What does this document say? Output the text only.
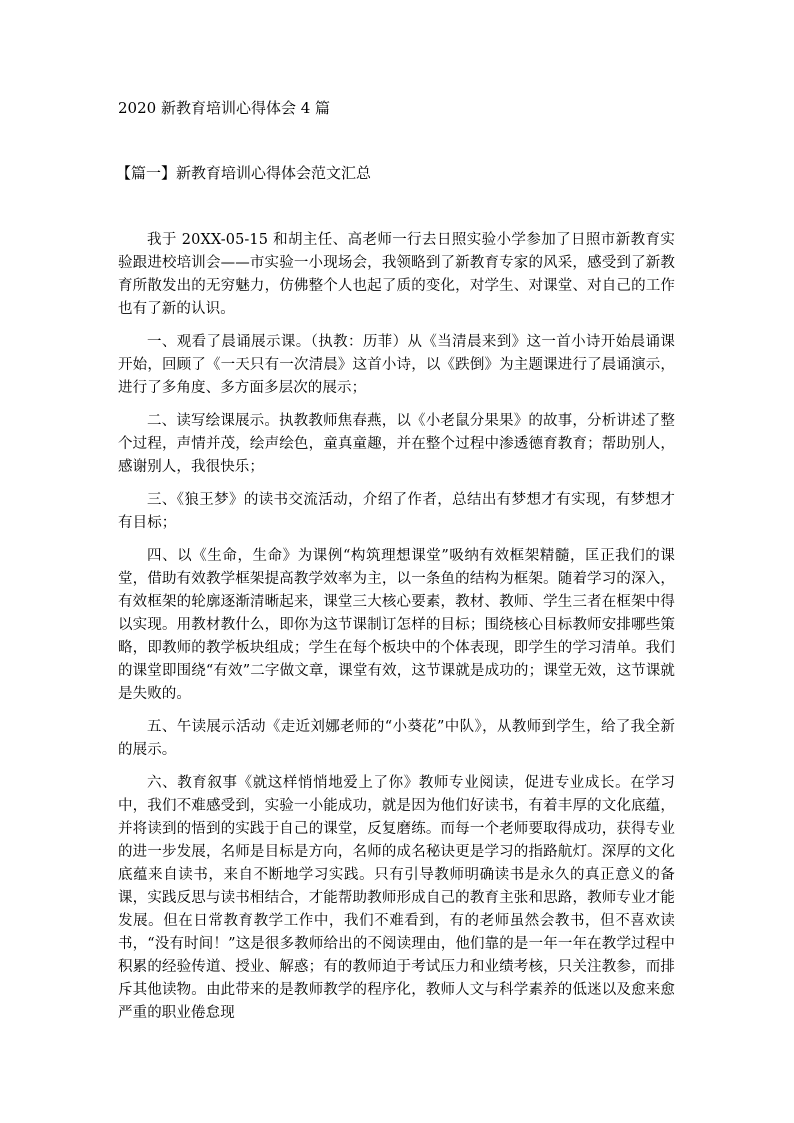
2020 新教育培训心得体会 4 篇
【篇一】新教育培训心得体会范文汇总

我于 20XX-05-15 和胡主任、高老师一行去日照实验小学参加了日照市新教育实验跟进校培训会——市实验一小现场会，我领略到了新教育专家的风采，感受到了新教育所散发出的无穷魅力，仿佛整个人也起了质的变化，对学生、对课堂、对自己的工作也有了新的认识。

一、观看了晨诵展示课。（执教：历菲）从《当清晨来到》这一首小诗开始晨诵课开始，回顾了《一天只有一次清晨》这首小诗，以《跌倒》为主题课进行了晨诵演示，进行了多角度、多方面多层次的展示；

二、读写绘课展示。执教教师焦春燕，以《小老鼠分果果》的故事，分析讲述了整个过程，声情并茂，绘声绘色，童真童趣，并在整个过程中渗透德育教育；帮助别人，感谢别人，我很快乐；

三、《狼王梦》的读书交流活动，介绍了作者，总结出有梦想才有实现，有梦想才有目标；

四、以《生命，生命》为课例“构筑理想课堂”吸纳有效框架精髓，匡正我们的课堂，借助有效教学框架提高教学效率为主，以一条鱼的结构为框架。随着学习的深入，有效框架的轮廓逐渐清晰起来，课堂三大核心要素，教材、教师、学生三者在框架中得以实现。用教材教什么，即你为这节课制订怎样的目标；围绕核心目标教师安排哪些策略，即教师的教学板块组成；学生在每个板块中的个体表现，即学生的学习清单。我们的课堂即围绕“有效”二字做文章，课堂有效，这节课就是成功的；课堂无效，这节课就是失败的。

五、午读展示活动《走近刘娜老师的“小葵花”中队》，从教师到学生，给了我全新的展示。

六、教育叙事《就这样悄悄地爱上了你》教师专业阅读，促进专业成长。在学习中，我们不难感受到，实验一小能成功，就是因为他们好读书，有着丰厚的文化底蕴，并将读到的悟到的实践于自己的课堂，反复磨练。而每一个老师要取得成功，获得专业的进一步发展，名师是目标是方向，名师的成名秘诀更是学习的指路航灯。深厚的文化底蕴来自读书，来自不断地学习实践。只有引导教师明确读书是永久的真正意义的备课，实践反思与读书相结合，才能帮助教师形成自己的教育主张和思路，教师专业才能发展。但在日常教育教学工作中，我们不难看到，有的老师虽然会教书，但不喜欢读书，“没有时间！”这是很多教师给出的不阅读理由，他们靠的是一年一年在教学过程中积累的经验传道、授业、解惑；有的教师迫于考试压力和业绩考核，只关注教参，而排斥其他读物。由此带来的是教师教学的程序化，教师人文与科学素养的低迷以及愈来愈严重的职业倦怠现
